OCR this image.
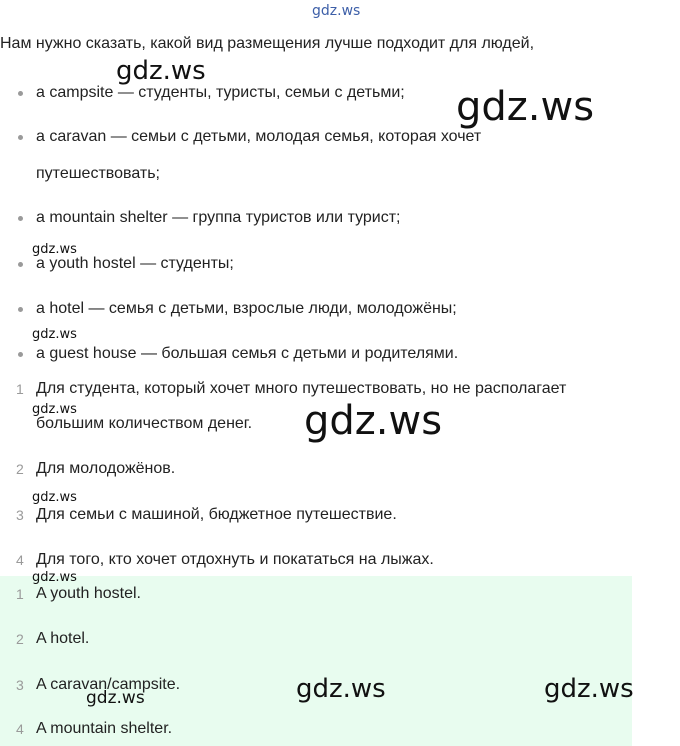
gdz.ws
Нам нужно сказать, какой вид размещения лучше подходит для людей,
a campsite — студенты, туристы, семьи с детьми;
a caravan — семьи с детьми, молодая семья, которая хочет
путешествовать;
a mountain shelter — группа туристов или турист;
a youth hostel — студенты;
a hotel — семья с детьми, взрослые люди, молодожёны;
a guest house — большая семья с детьми и родителями.
1 Для студента, который хочет много путешествовать, но не располагает
большим количеством денег.
2 Для молодожёнов.
3 Для семьи с машиной, бюджетное путешествие.
4 Для того, кто хочет отдохнуть и покататься на лыжах.
1 A youth hostel.
2 A hotel.
3 A caravan/campsite.
4 A mountain shelter.
gdz.ws
gdz.ws
gdz.ws
gdz.ws
gdz.ws	gdz.ws
gdz.ws
gdz.ws
gdz.ws	gdz.ws
gdz.ws
